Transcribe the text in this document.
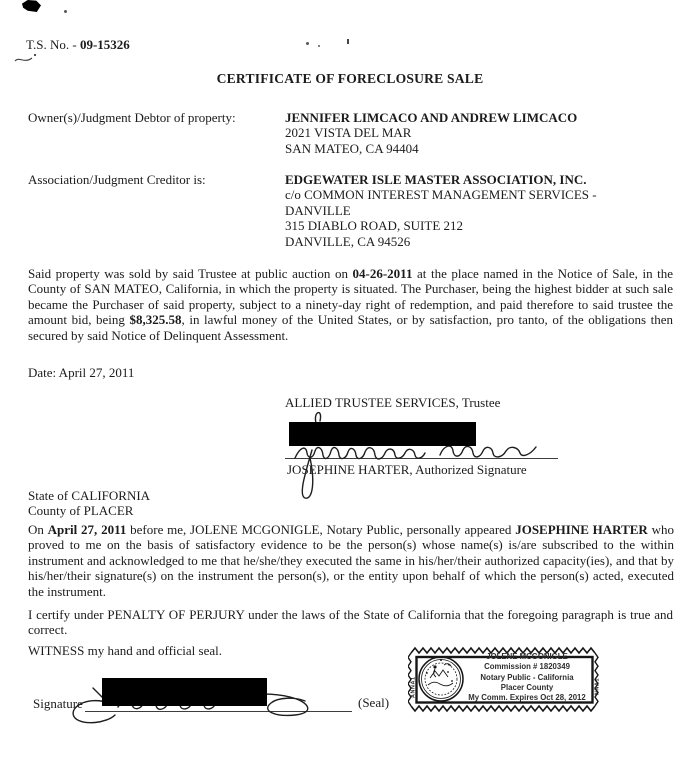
T.S. No. - 09-15326
CERTIFICATE OF FORECLOSURE SALE
Owner(s)/Judgment Debtor of property:	JENNIFER LIMCACO AND ANDREW LIMCACO
2021 VISTA DEL MAR
SAN MATEO, CA 94404
Association/Judgment Creditor is:	EDGEWATER ISLE MASTER ASSOCIATION, INC.
c/o COMMON INTEREST MANAGEMENT SERVICES -
DANVILLE
315 DIABLO ROAD, SUITE 212
DANVILLE, CA 94526
Said property was sold by said Trustee at public auction on 04-26-2011 at the place named in the Notice of Sale, in the County of SAN MATEO, California, in which the property is situated. The Purchaser, being the highest bidder at such sale became the Purchaser of said property, subject to a ninety-day right of redemption, and paid therefore to said trustee the amount bid, being $8,325.58, in lawful money of the United States, or by satisfaction, pro tanto, of the obligations then secured by said Notice of Delinquent Assessment.
Date: April 27, 2011
ALLIED TRUSTEE SERVICES, Trustee
JOSEPHINE HARTER, Authorized Signature
State of CALIFORNIA
County of PLACER
On April 27, 2011 before me, JOLENE MCGONIGLE, Notary Public, personally appeared JOSEPHINE HARTER who proved to me on the basis of satisfactory evidence to be the person(s) whose name(s) is/are subscribed to the within instrument and acknowledged to me that he/she/they executed the same in his/her/their authorized capacity(ies), and that by his/her/their signature(s) on the instrument the person(s), or the entity upon behalf of which the person(s) acted, executed the instrument.
I certify under PENALTY OF PERJURY under the laws of the State of California that the foregoing paragraph is true and correct.
WITNESS my hand and official seal.
ANNA1	NNA1
JOLENE MCGONIGLE
Commission # 1820349
Notary Public - California
Placer County
My Comm. Expires Oct 28, 2012
Signature	(Seal)
